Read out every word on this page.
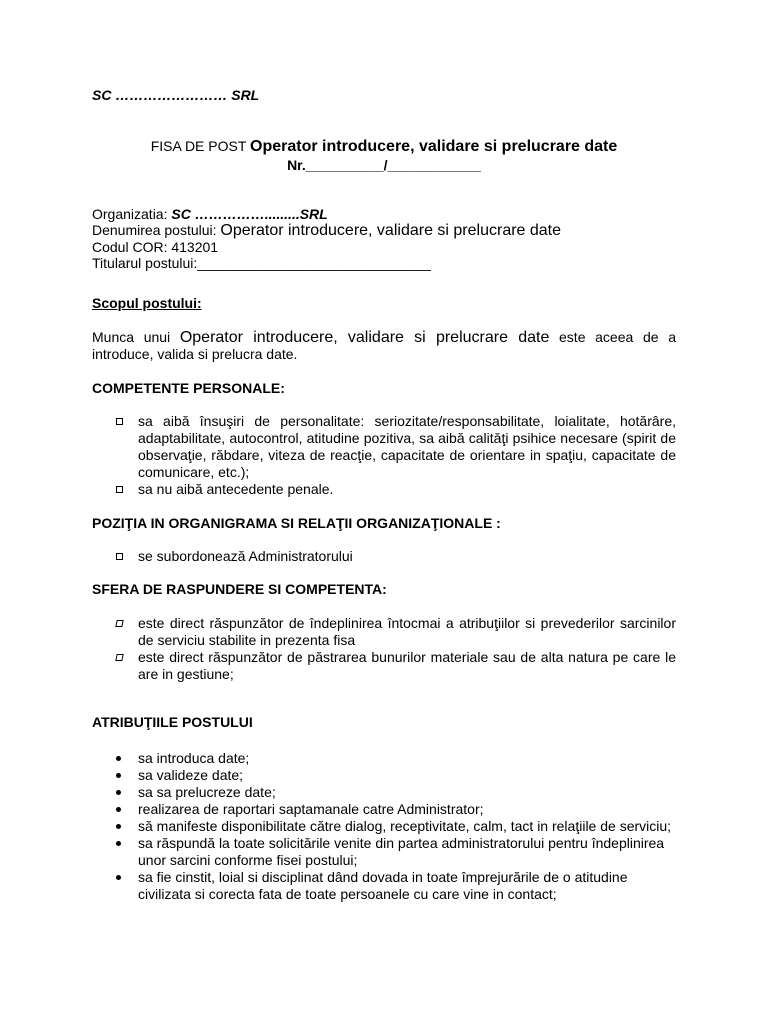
SC …………………… SRL
FISA DE POST Operator introducere, validare si prelucrare date
Nr.__________/____________
Organizatia: SC …………….........SRL
Denumirea postului: Operator introducere, validare si prelucrare date
Codul COR: 413201
Titularul postului:______________________________
Scopul postului:
Munca unui Operator introducere, validare si prelucrare date este aceea de a introduce, valida si prelucra date.
COMPETENTE PERSONALE:
sa aibă însuşiri de personalitate: seriozitate/responsabilitate, loialitate, hotărâre, adaptabilitate, autocontrol, atitudine pozitiva, sa aibă calităţi psihice necesare (spirit de observaţie, răbdare, viteza de reacţie, capacitate de orientare in spaţiu, capacitate de comunicare, etc.);
sa nu aibă antecedente penale.
POZIŢIA IN ORGANIGRAMA SI RELAŢII ORGANIZAŢIONALE :
se subordonează Administratorului
SFERA DE RASPUNDERE SI COMPETENTA:
este direct răspunzător de îndeplinirea întocmai a atribuţiilor si prevederilor sarcinilor de serviciu stabilite in prezenta fisa
este direct răspunzător de păstrarea bunurilor materiale sau de alta natura pe care le are in gestiune;
ATRIBUŢIILE POSTULUI
sa introduca date;
sa valideze date;
sa sa prelucreze date;
realizarea de raportari saptamanale catre Administrator;
să manifeste disponibilitate către dialog, receptivitate, calm, tact in relaţiile de serviciu;
sa răspundă la toate solicitările venite din partea administratorului pentru îndeplinirea unor sarcini conforme fisei postului;
sa fie cinstit, loial si disciplinat dând dovada in toate împrejurările de o atitudine civilizata si corecta fata de toate persoanele cu care vine in contact;
